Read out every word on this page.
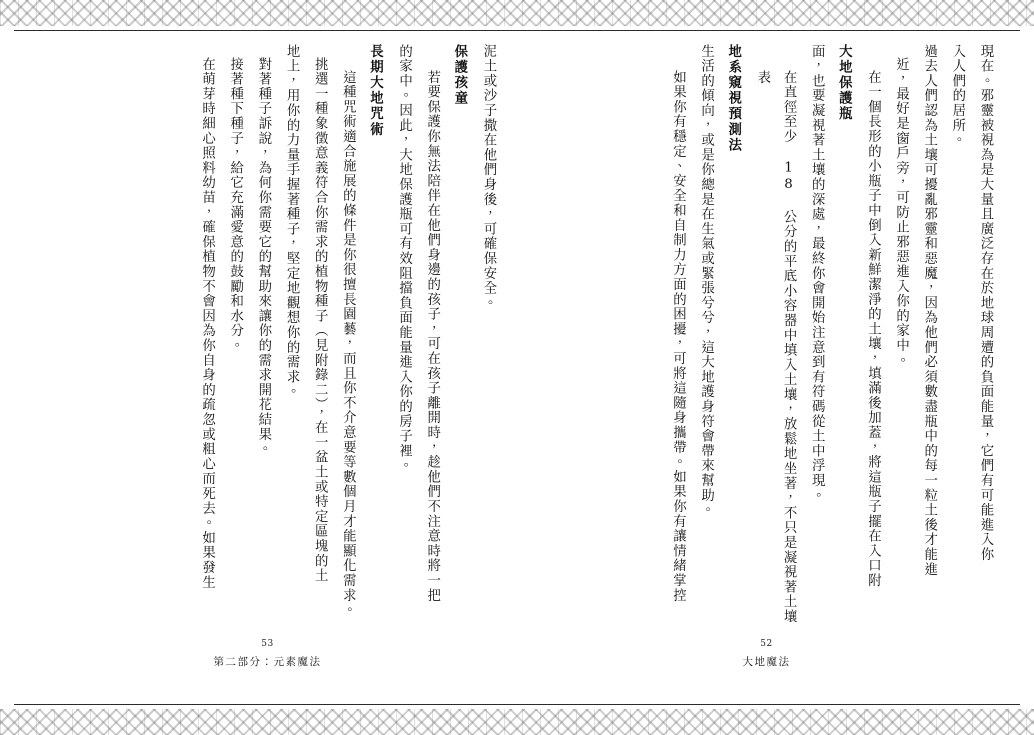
泥土或沙子撒在他們身後，可確保安全。
保護孩童
若要保護你無法陪伴在他們身邊的孩子，可在孩子離開時，趁他們不注意時將一把
的家中。因此，大地保護瓶可有效阻擋負面能量進入你的房子裡。
長期大地咒術
這種咒術適合施展的條件是你很擅長園藝，而且你不介意要等數個月才能顯化需求。
挑選一種象徵意義符合你需求的植物種子（見附錄二），在一盆土或特定區塊的土
地上，用你的力量手握著種子，堅定地觀想你的需求。
對著種子訴說，為何你需要它的幫助來讓你的需求開花結果。
接著種下種子，給它充滿愛意的鼓勵和水分。
在萌芽時細心照料幼苗，確保植物不會因為你自身的疏忽或粗心而死去。如果發生
53
第二部分：元素魔法
現在。邪靈被視為是大量且廣泛存在於地球周遭的負面能量，它們有可能進入你
入人們的居所。
過去人們認為土壤可擾亂邪靈和惡魔，因為他們必須數盡瓶中的每一粒土後才能進
近，最好是窗戶旁，可防止邪惡進入你的家中。
在一個長形的小瓶子中倒入新鮮潔淨的土壤，填滿後加蓋，將這瓶子擺在入口附
大地保護瓶
面，也要凝視著土壤的深處，最終你會開始注意到有符碼從土中浮現。
在直徑至少 18 公分的平底小容器中填入土壤，放鬆地坐著，不只是凝視著土壤表
地系窺視預測法
生活的傾向，或是你總是在生氣或緊張兮兮，這大地護身符會帶來幫助。
如果你有穩定、安全和自制力方面的困擾，可將這隨身攜帶。如果你有讓情緒掌控
52
大地魔法
